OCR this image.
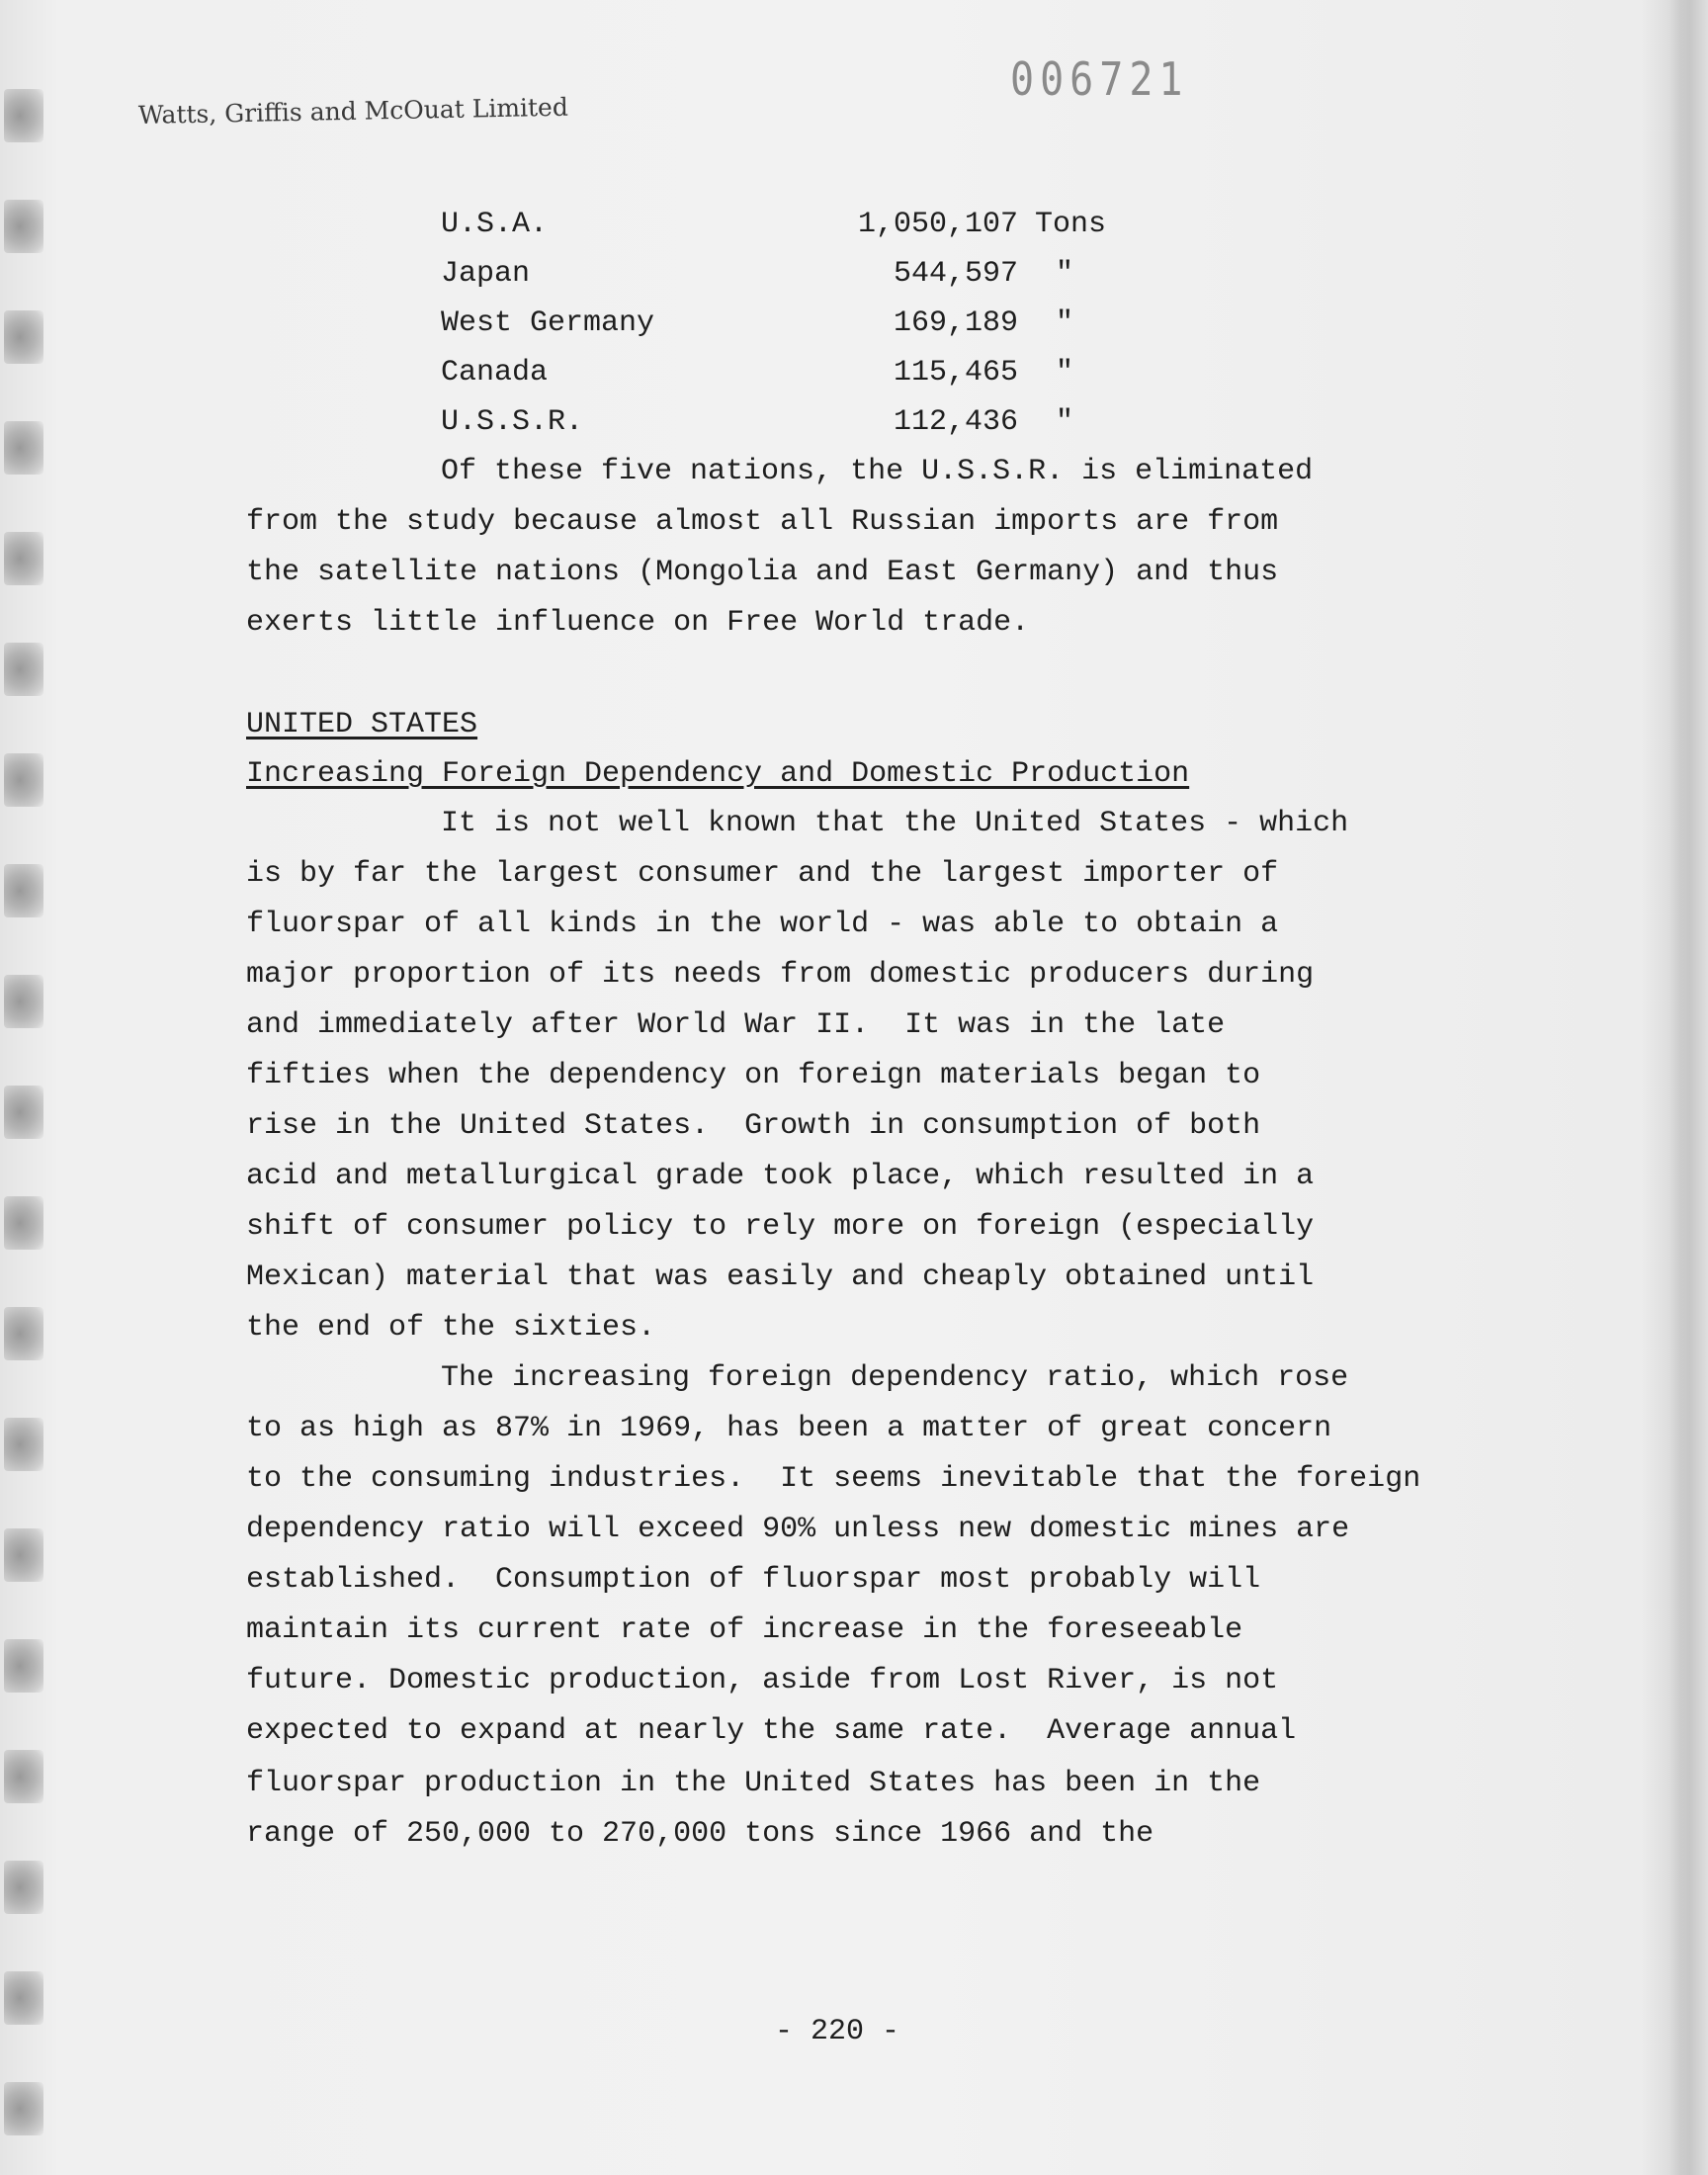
006721
Watts, Griffis and McOuat Limited
U.S.A.	1,050,107 Tons
Japan	544,597 "
West Germany	169,189 "
Canada	115,465 "
U.S.S.R.	112,436 "
Of these five nations, the U.S.S.R. is eliminated
from the study because almost all Russian imports are from
the satellite nations (Mongolia and East Germany) and thus
exerts little influence on Free World trade.
UNITED STATES
Increasing Foreign Dependency and Domestic Production
It is not well known that the United States - which
is by far the largest consumer and the largest importer of
fluorspar of all kinds in the world - was able to obtain a
major proportion of its needs from domestic producers during
and immediately after World War II.  It was in the late
fifties when the dependency on foreign materials began to
rise in the United States.  Growth in consumption of both
acid and metallurgical grade took place, which resulted in a
shift of consumer policy to rely more on foreign (especially
Mexican) material that was easily and cheaply obtained until
the end of the sixties.
The increasing foreign dependency ratio, which rose
to as high as 87% in 1969, has been a matter of great concern
to the consuming industries.  It seems inevitable that the foreign
dependency ratio will exceed 90% unless new domestic mines are
established.  Consumption of fluorspar most probably will
maintain its current rate of increase in the foreseeable
future. Domestic production, aside from Lost River, is not
expected to expand at nearly the same rate.  Average annual
fluorspar production in the United States has been in the
range of 250,000 to 270,000 tons since 1966 and the
- 220 -
